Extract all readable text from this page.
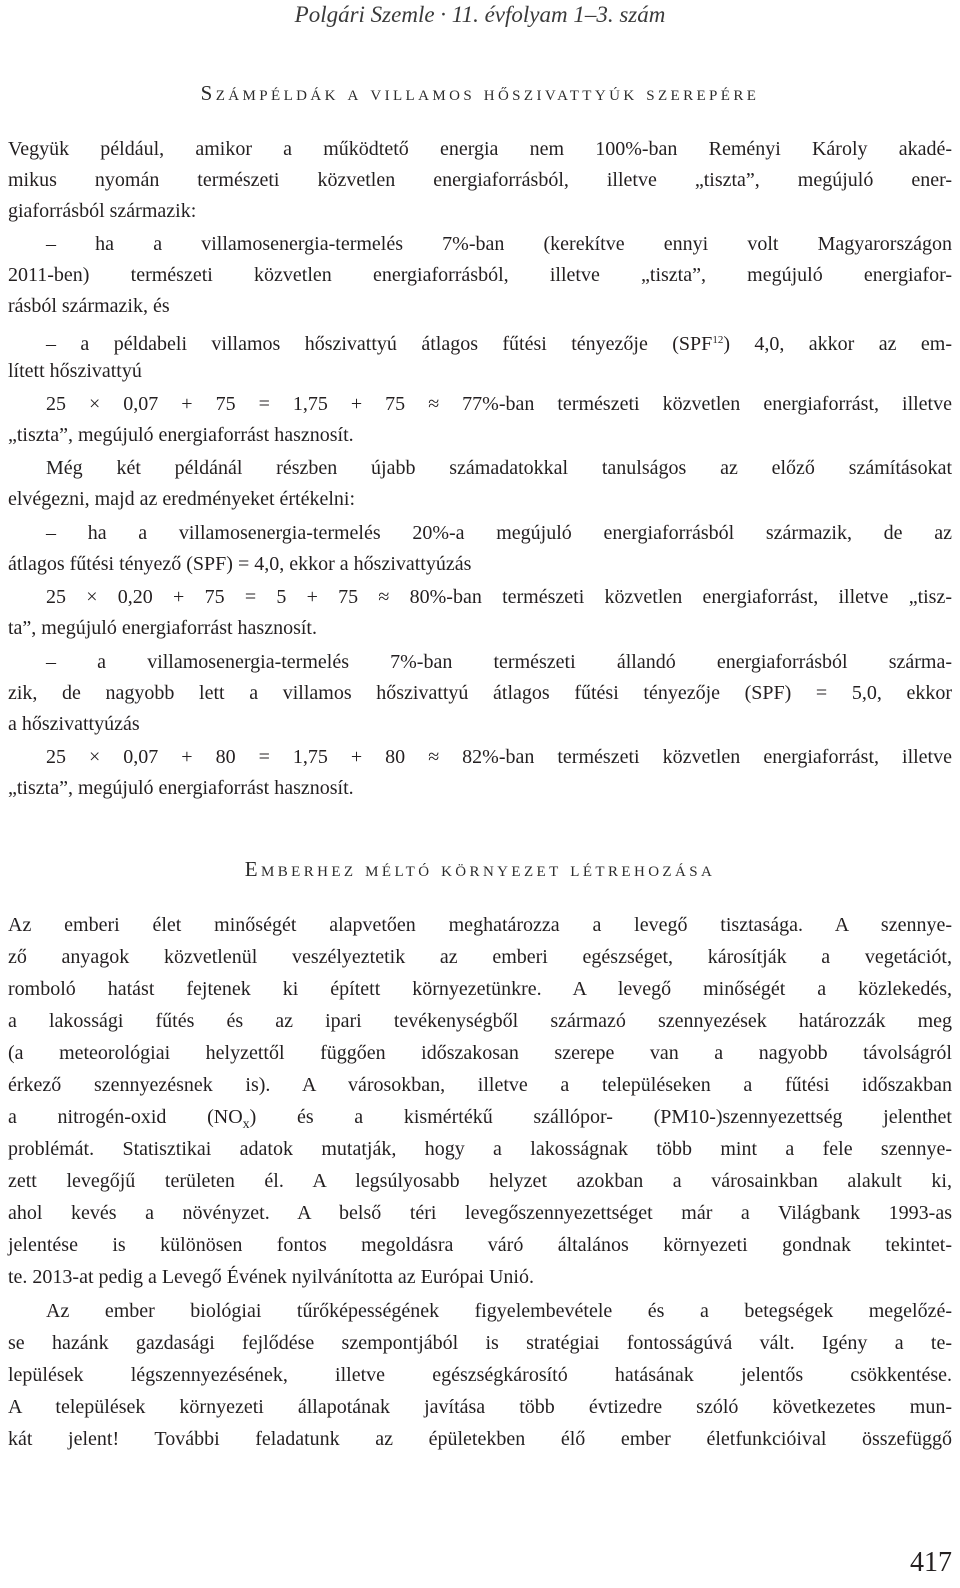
Polgári Szemle · 11. évfolyam 1–3. szám
Számpéldák a villamos hőszivattyúk szerepére
Vegyük például, amikor a működtető energia nem 100%-ban Reményi Károly akadé-
mikus nyomán természeti közvetlen energiaforrásból, illetve „tiszta”, megújuló ener-
giaforrásból származik:
– ha a villamosenergia-termelés 7%-ban (kerekítve ennyi volt Magyarországon
2011-ben) természeti közvetlen energiaforrásból, illetve „tiszta”, megújuló energiafor-
rásból származik, és
– a példabeli villamos hőszivattyú átlagos fűtési tényezője (SPF$^{12}$) 4,0, akkor az em-
lített hőszivattyú
25 × 0,07 + 75 = 1,75 + 75 ≈ 77%-ban természeti közvetlen energiaforrást, illetve
„tiszta”, megújuló energiaforrást hasznosít.
Még két példánál részben újabb számadatokkal tanulságos az előző számításokat
elvégezni, majd az eredményeket értékelni:
– ha a villamosenergia-termelés 20%-a megújuló energiaforrásból származik, de az
átlagos fűtési tényező (SPF) = 4,0, ekkor a hőszivattyúzás
25 × 0,20 + 75 = 5 + 75 ≈ 80%-ban természeti közvetlen energiaforrást, illetve „tisz-
ta”, megújuló energiaforrást hasznosít.
– a villamosenergia-termelés 7%-ban természeti állandó energiaforrásból szárma-
zik, de nagyobb lett a villamos hőszivattyú átlagos fűtési tényezője (SPF) = 5,0, ekkor
a hőszivattyúzás
25 × 0,07 + 80 = 1,75 + 80 ≈ 82%-ban természeti közvetlen energiaforrást, illetve
„tiszta”, megújuló energiaforrást hasznosít.
Emberhez méltó környezet létrehozása
Az emberi élet minőségét alapvetően meghatározza a levegő tisztasága. A szennye-
ző anyagok közvetlenül veszélyeztetik az emberi egészséget, károsítják a vegetációt,
romboló hatást fejtenek ki épített környezetünkre. A levegő minőségét a közlekedés,
a lakossági fűtés és az ipari tevékenységből származó szennyezések határozzák meg
(a meteorológiai helyzettől függően időszakosan szerepe van a nagyobb távolságról
érkező szennyezésnek is). A városokban, illetve a településeken a fűtési időszakban
a nitrogén-oxid $(NO_x)$ és a kismértékű szállópor- (PM10-)szennyezettség jelenthet
problémát. Statisztikai adatok mutatják, hogy a lakosságnak több mint a fele szennye-
zett levegőjű területen él. A legsúlyosabb helyzet azokban a városainkban alakult ki,
ahol kevés a növényzet. A belső téri levegőszennyezettséget már a Világbank 1993-as
jelentése is különösen fontos megoldásra váró általános környezeti gondnak tekintet-
te. 2013-at pedig a Levegő Évének nyilvánította az Európai Unió.
Az ember biológiai tűrőképességének figyelembevétele és a betegségek megelőzé-
se hazánk gazdasági fejlődése szempontjából is stratégiai fontosságúvá vált. Igény a te-
lepülések légszennyezésének, illetve egészségkárosító hatásának jelentős csökkentése.
A települések környezeti állapotának javítása több évtizedre szóló következetes mun-
kát jelent! További feladatunk az épületekben élő ember életfunkcióival összefüggő
417
